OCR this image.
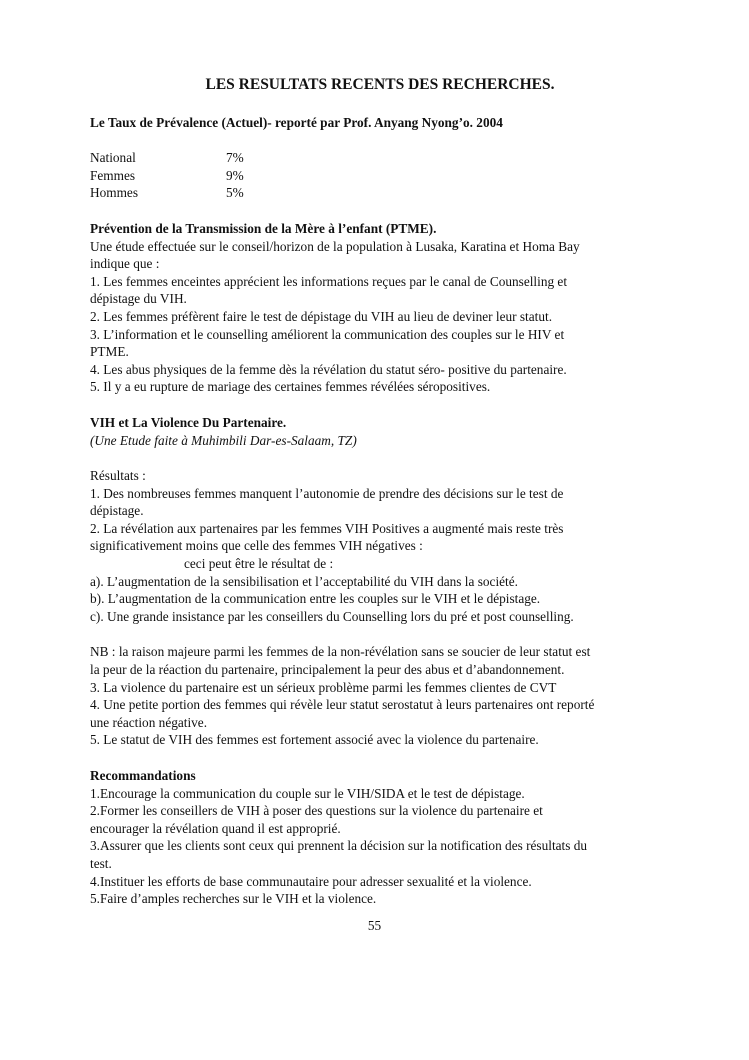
LES RESULTATS RECENTS DES RECHERCHES.
Le Taux de Prévalence (Actuel)- reporté par Prof. Anyang Nyong’o. 2004
National	7%
Femmes	9%
Hommes	5%
Prévention de la Transmission de la Mère à l’enfant (PTME).
Une étude effectuée sur le conseil/horizon de la population à Lusaka, Karatina et Homa Bay
indique que :
1. Les femmes enceintes apprécient les informations reçues par le canal de Counselling et
dépistage du VIH.
2. Les femmes préfèrent faire le test de dépistage du VIH au lieu de deviner leur statut.
3. L’information et le counselling améliorent la communication des couples sur le HIV et
PTME.
4. Les abus physiques de la femme dès la révélation du statut séro- positive du partenaire.
5. Il y a eu rupture de mariage des certaines femmes révélées séropositives.
VIH et La Violence Du Partenaire.
(Une Etude faite à Muhimbili Dar-es-Salaam, TZ)
Résultats :
1. Des nombreuses femmes manquent l’autonomie de prendre des décisions sur le test de
dépistage.
2. La révélation aux partenaires par les femmes VIH Positives a augmenté mais reste très
significativement moins que celle des femmes VIH négatives :
ceci peut être le résultat de :
a). L’augmentation de la sensibilisation et l’acceptabilité du VIH dans la société.
b). L’augmentation de la communication entre les couples sur le VIH et le dépistage.
c). Une grande insistance par les conseillers du Counselling lors du pré et post counselling.
NB : la raison majeure parmi les femmes de la non-révélation sans se soucier de leur statut est
la peur de la réaction du partenaire, principalement la peur des abus et d’abandonnement.
3. La violence du partenaire est un sérieux problème parmi les femmes clientes de CVT
4. Une petite portion des femmes qui révèle leur statut serostatut à leurs partenaires ont reporté
une réaction négative.
5. Le statut de VIH des femmes est fortement associé avec la violence du partenaire.
Recommandations
1.Encourage la communication du couple sur le VIH/SIDA et le test de dépistage.
2.Former les conseillers de VIH à poser des questions sur la violence du partenaire et
encourager la révélation quand il est approprié.
3.Assurer que les clients sont ceux qui prennent la décision sur la notification des résultats du
test.
4.Instituer les efforts de base communautaire pour adresser sexualité et la violence.
5.Faire d’amples recherches sur le VIH et la violence.
55
